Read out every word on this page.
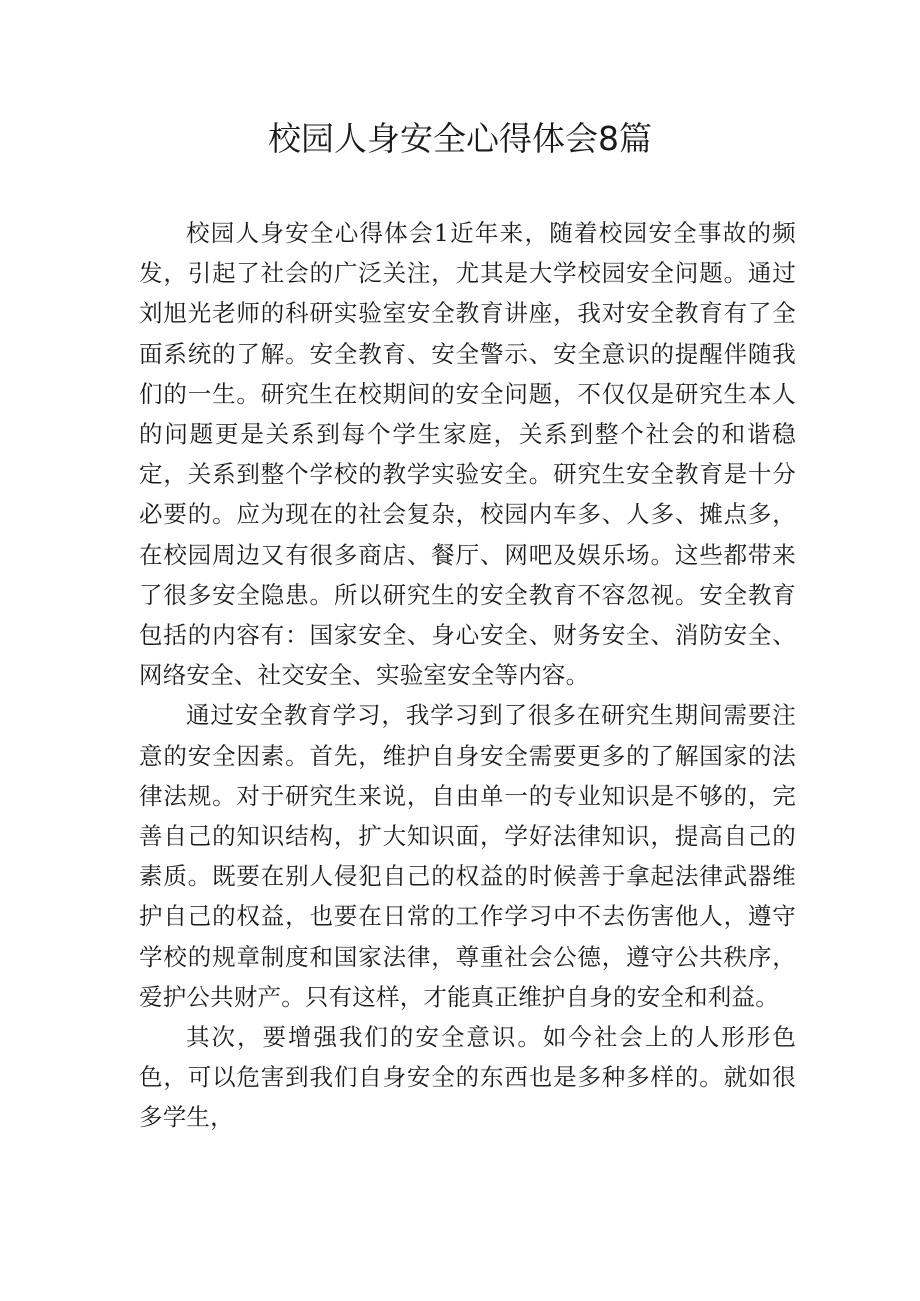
校园人身安全心得体会8篇

校园人身安全心得体会1近年来，随着校园安全事故的频发，引起了社会的广泛关注，尤其是大学校园安全问题。通过刘旭光老师的科研实验室安全教育讲座，我对安全教育有了全面系统的了解。安全教育、安全警示、安全意识的提醒伴随我们的一生。研究生在校期间的安全问题，不仅仅是研究生本人的问题更是关系到每个学生家庭，关系到整个社会的和谐稳定，关系到整个学校的教学实验安全。研究生安全教育是十分必要的。应为现在的社会复杂，校园内车多、人多、摊点多，在校园周边又有很多商店、餐厅、网吧及娱乐场。这些都带来了很多安全隐患。所以研究生的安全教育不容忽视。安全教育包括的内容有：国家安全、身心安全、财务安全、消防安全、网络安全、社交安全、实验室安全等内容。

通过安全教育学习，我学习到了很多在研究生期间需要注意的安全因素。首先，维护自身安全需要更多的了解国家的法律法规。对于研究生来说，自由单一的专业知识是不够的，完善自己的知识结构，扩大知识面，学好法律知识，提高自己的素质。既要在别人侵犯自己的权益的时候善于拿起法律武器维护自己的权益，也要在日常的工作学习中不去伤害他人，遵守学校的规章制度和国家法律，尊重社会公德，遵守公共秩序，爱护公共财产。只有这样，才能真正维护自身的安全和利益。

其次，要增强我们的安全意识。如今社会上的人形形色色，可以危害到我们自身安全的东西也是多种多样的。就如很多学生，
